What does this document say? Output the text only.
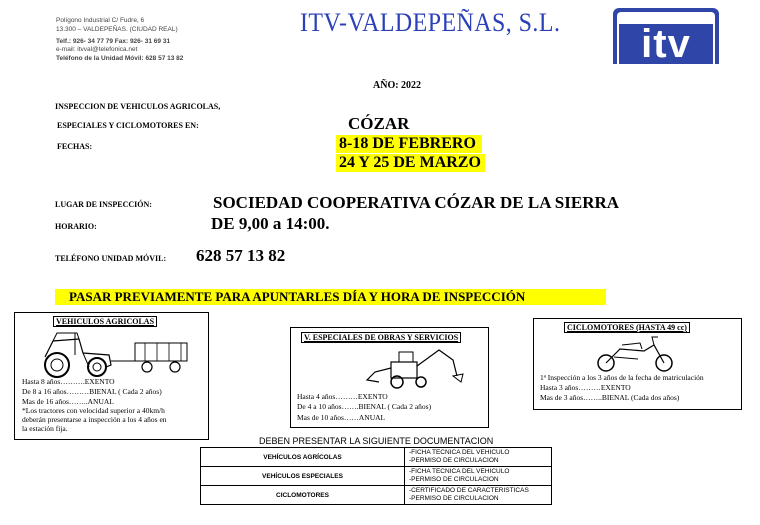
Polígono Industrial C/ Fudre, 6
13.300 – VALDEPEÑAS. (CIUDAD REAL)
Telf.: 926- 34 77 79 Fax: 926- 31 69 31
e-mail: itvval@telefonica.net
Teléfono de la Unidad Móvil: 628 57 13 82
ITV-VALDEPEÑAS, S.L.	itv
AÑO: 2022
INSPECCION DE VEHICULOS AGRICOLAS,
ESPECIALES Y CICLOMOTORES EN:	CÓZAR
FECHAS:	8-18 DE FEBRERO
24 Y 25 DE MARZO
LUGAR DE INSPECCIÓN:	SOCIEDAD COOPERATIVA CÓZAR DE LA SIERRA
HORARIO:	DE 9,00 a 14:00.
TELÉFONO UNIDAD MÓVIL: 628 57 13 82
PASAR PREVIAMENTE PARA APUNTARLES DÍA Y HORA DE INSPECCIÓN
VEHICULOS AGRICOLAS
Hasta 8 años……….EXENTO
De 8 a 16 años………BIENAL ( Cada 2 años)
Mas de 16 años……..ANUAL
*Los tractores con velocidad superior a 40km/h
deberán presentarse a inspección a los 4 años en
la estación fija.
V. ESPECIALES DE OBRAS Y SERVICIOS
Hasta 4 años………EXENTO
De 4 a 10 años…….BIENAL ( Cada 2 años)
Mas de 10 años……ANUAL
CICLOMOTORES (HASTA 49 cc)
1ª Inspección a los 3 años de la fecha de matriculación
Hasta 3 años………EXENTO
Mas de 3 años……..BIENAL (Cada dos años)
DEBEN PRESENTAR LA SIGUIENTE DOCUMENTACION
VEHÍCULOS AGRÍCOLAS	-FICHA TECNICA DEL VEHICULO
-PERMISO DE CIRCULACION

VEHÍCULOS ESPECIALES	-FICHA TECNICA DEL VEHICULO
-PERMISO DE CIRCULACION

CICLOMOTORES	-CERTIFICADO DE CARACTERISTICAS
-PERMISO DE CIRCULACION
